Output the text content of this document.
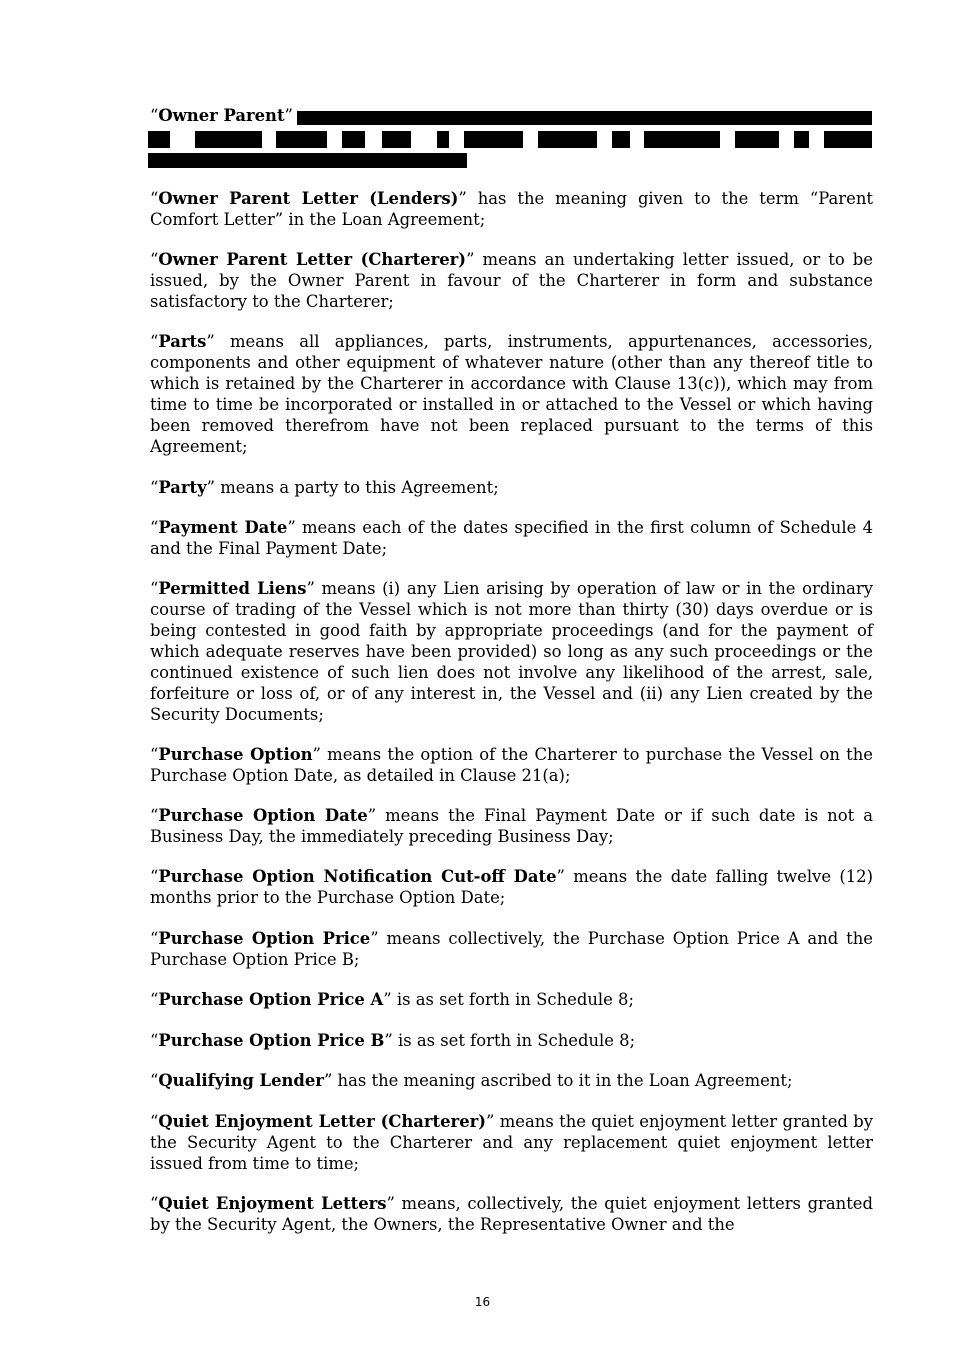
“Owner Parent”

“Owner Parent Letter (Lenders)” has the meaning given to the term “Parent Comfort Letter” in the Loan Agreement;

“Owner Parent Letter (Charterer)” means an undertaking letter issued, or to be issued, by the Owner Parent in favour of the Charterer in form and substance satisfactory to the Charterer;

“Parts” means all appliances, parts, instruments, appurtenances, accessories, components and other equipment of whatever nature (other than any thereof title to which is retained by the Charterer in accordance with Clause 13(c)), which may from time to time be incorporated or installed in or attached to the Vessel or which having been removed therefrom have not been replaced pursuant to the terms of this Agreement;

“Party” means a party to this Agreement;

“Payment Date” means each of the dates specified in the first column of Schedule 4 and the Final Payment Date;

“Permitted Liens” means (i) any Lien arising by operation of law or in the ordinary course of trading of the Vessel which is not more than thirty (30) days overdue or is being contested in good faith by appropriate proceedings (and for the payment of which adequate reserves have been provided) so long as any such proceedings or the continued existence of such lien does not involve any likelihood of the arrest, sale, forfeiture or loss of, or of any interest in, the Vessel and (ii) any Lien created by the Security Documents;

“Purchase Option” means the option of the Charterer to purchase the Vessel on the Purchase Option Date, as detailed in Clause 21(a);

“Purchase Option Date” means the Final Payment Date or if such date is not a Business Day, the immediately preceding Business Day;

“Purchase Option Notification Cut-off Date” means the date falling twelve (12) months prior to the Purchase Option Date;

“Purchase Option Price” means collectively, the Purchase Option Price A and the Purchase Option Price B;

“Purchase Option Price A” is as set forth in Schedule 8;

“Purchase Option Price B” is as set forth in Schedule 8;

“Qualifying Lender” has the meaning ascribed to it in the Loan Agreement;

“Quiet Enjoyment Letter (Charterer)” means the quiet enjoyment letter granted by the Security Agent to the Charterer and any replacement quiet enjoyment letter issued from time to time;

“Quiet Enjoyment Letters” means, collectively, the quiet enjoyment letters granted by the Security Agent, the Owners, the Representative Owner and the

16
